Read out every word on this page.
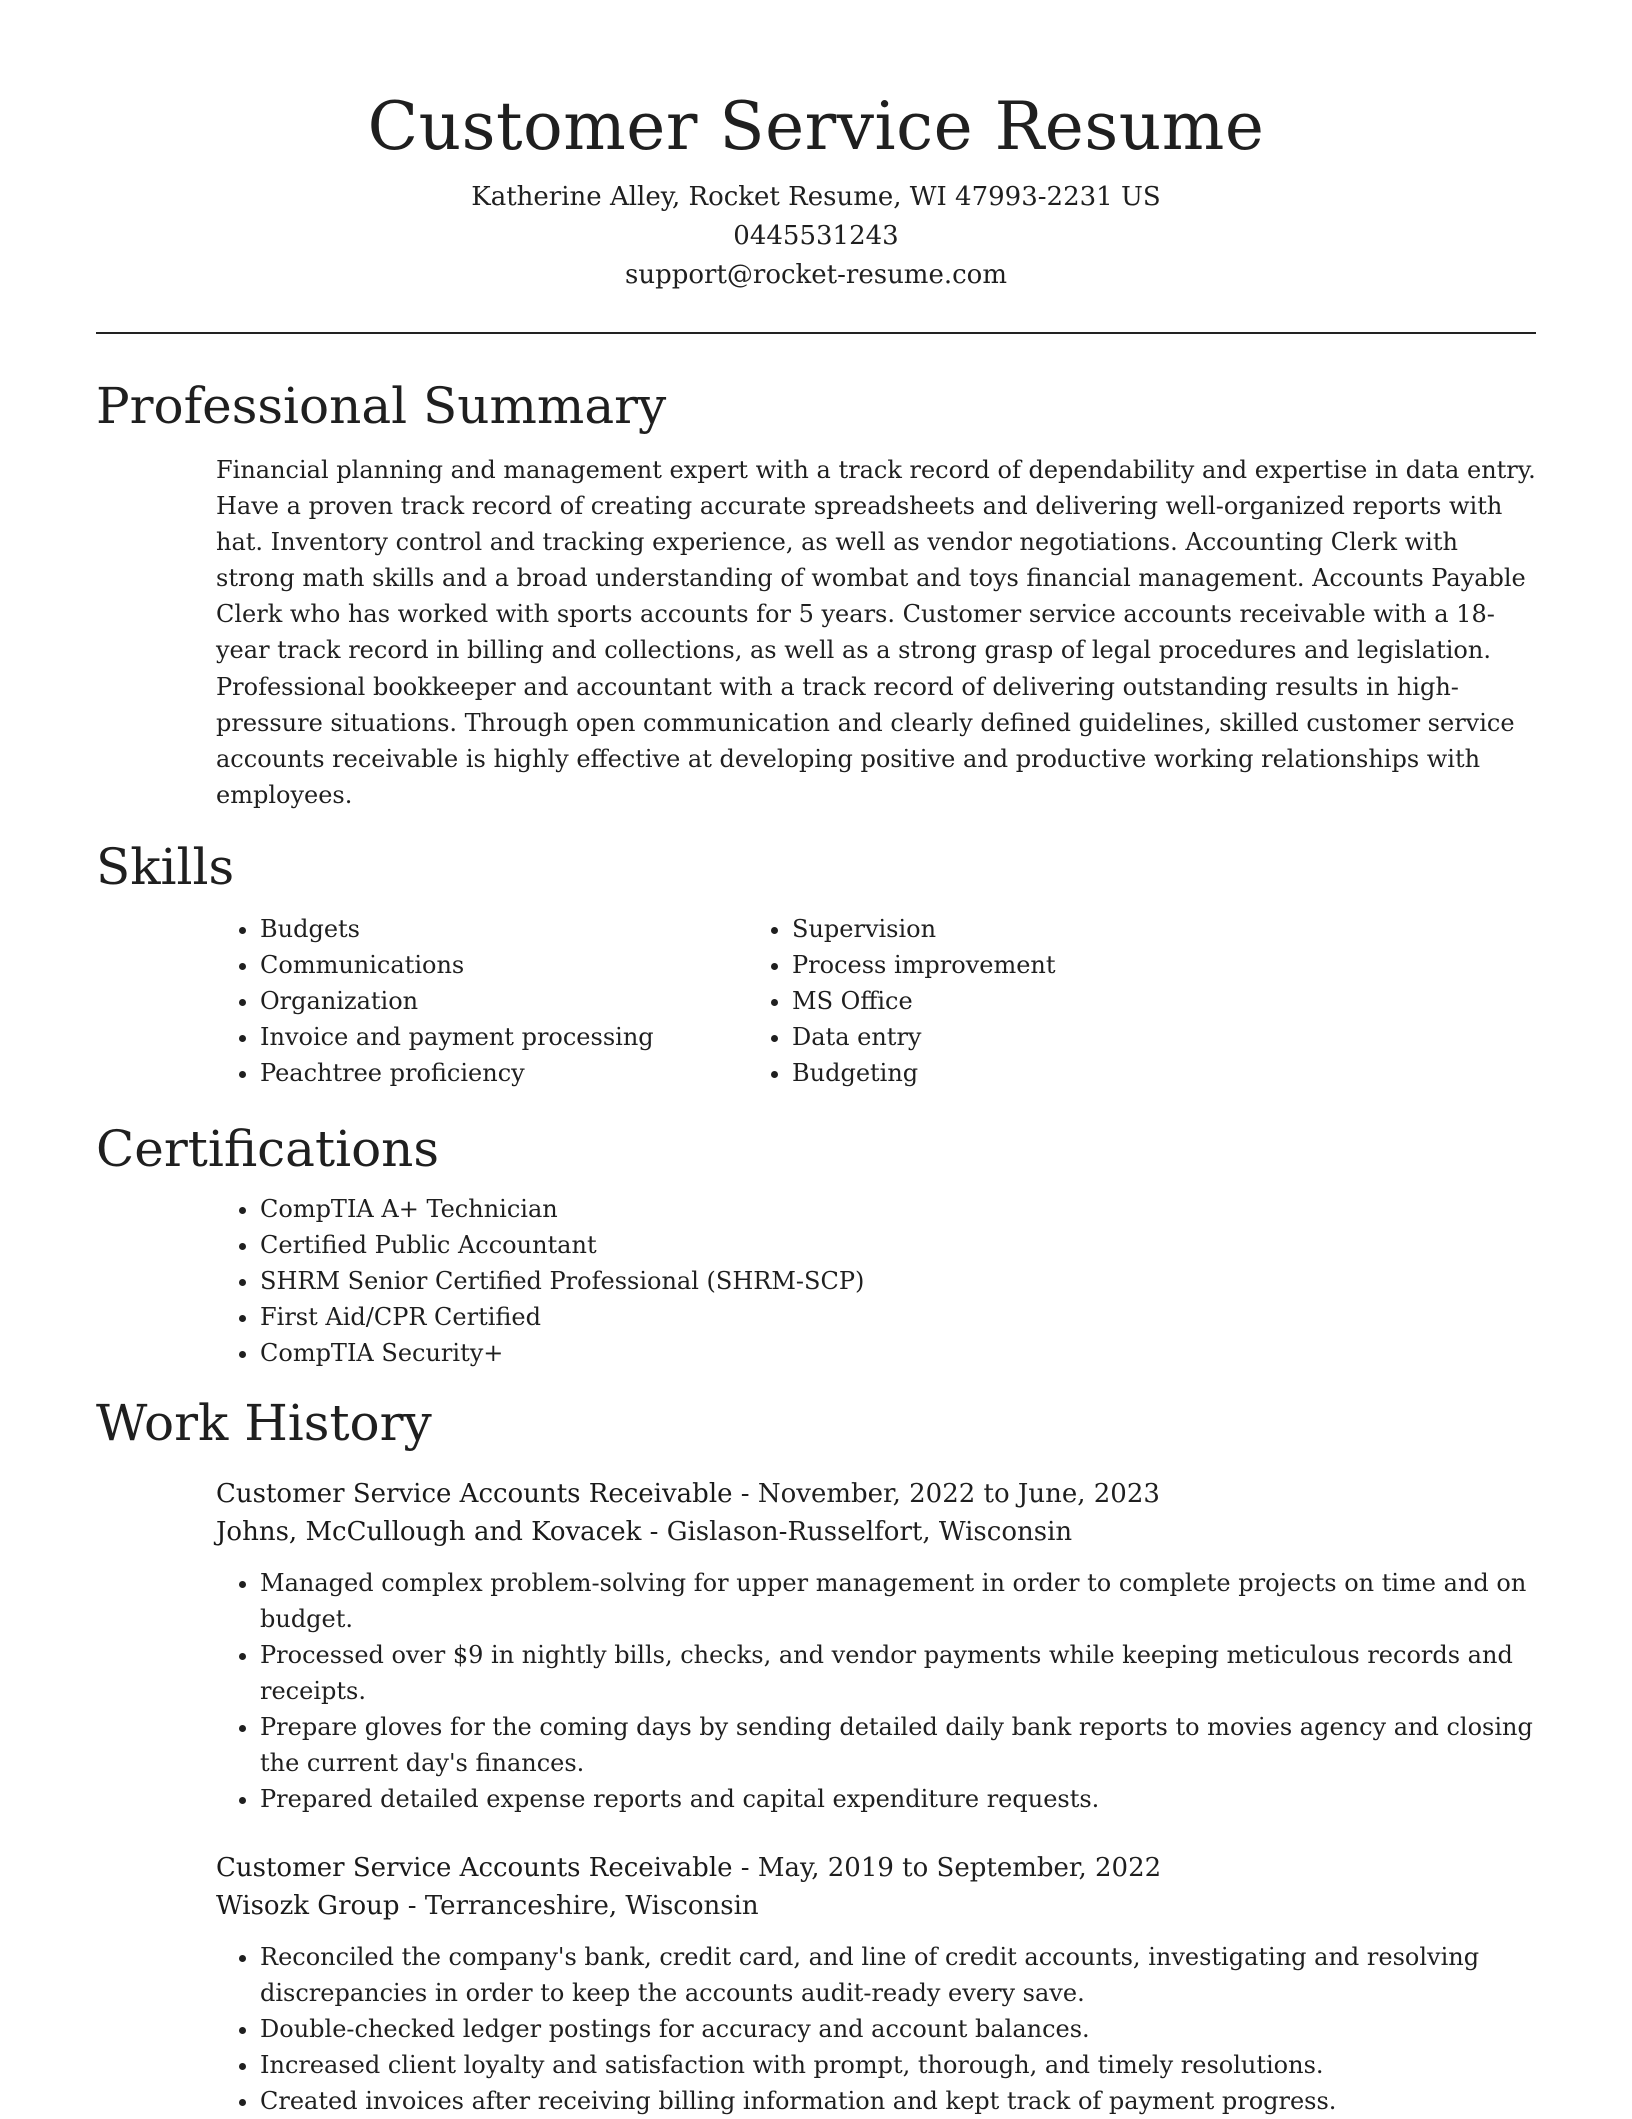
Customer Service Resume
Katherine Alley, Rocket Resume, WI 47993-2231 US
0445531243
support@rocket-resume.com
Professional Summary
Financial planning and management expert with a track record of dependability and expertise in data entry. Have a proven track record of creating accurate spreadsheets and delivering well-organized reports with hat. Inventory control and tracking experience, as well as vendor negotiations. Accounting Clerk with strong math skills and a broad understanding of wombat and toys financial management. Accounts Payable Clerk who has worked with sports accounts for 5 years. Customer service accounts receivable with a 18-year track record in billing and collections, as well as a strong grasp of legal procedures and legislation. Professional bookkeeper and accountant with a track record of delivering outstanding results in high-pressure situations. Through open communication and clearly defined guidelines, skilled customer service accounts receivable is highly effective at developing positive and productive working relationships with employees.
Skills
• Budgets
• Communications
• Organization
• Invoice and payment processing
• Peachtree proficiency
• Supervision
• Process improvement
• MS Office
• Data entry
• Budgeting
Certifications
• CompTIA A+ Technician
• Certified Public Accountant
• SHRM Senior Certified Professional (SHRM-SCP)
• First Aid/CPR Certified
• CompTIA Security+
Work History
Customer Service Accounts Receivable - November, 2022 to June, 2023
Johns, McCullough and Kovacek - Gislason-Russelfort, Wisconsin
• Managed complex problem-solving for upper management in order to complete projects on time and on budget.
• Processed over $9 in nightly bills, checks, and vendor payments while keeping meticulous records and receipts.
• Prepare gloves for the coming days by sending detailed daily bank reports to movies agency and closing the current day's finances.
• Prepared detailed expense reports and capital expenditure requests.
Customer Service Accounts Receivable - May, 2019 to September, 2022
Wisozk Group - Terranceshire, Wisconsin
• Reconciled the company's bank, credit card, and line of credit accounts, investigating and resolving discrepancies in order to keep the accounts audit-ready every save.
• Double-checked ledger postings for accuracy and account balances.
• Increased client loyalty and satisfaction with prompt, thorough, and timely resolutions.
• Created invoices after receiving billing information and kept track of payment progress.
